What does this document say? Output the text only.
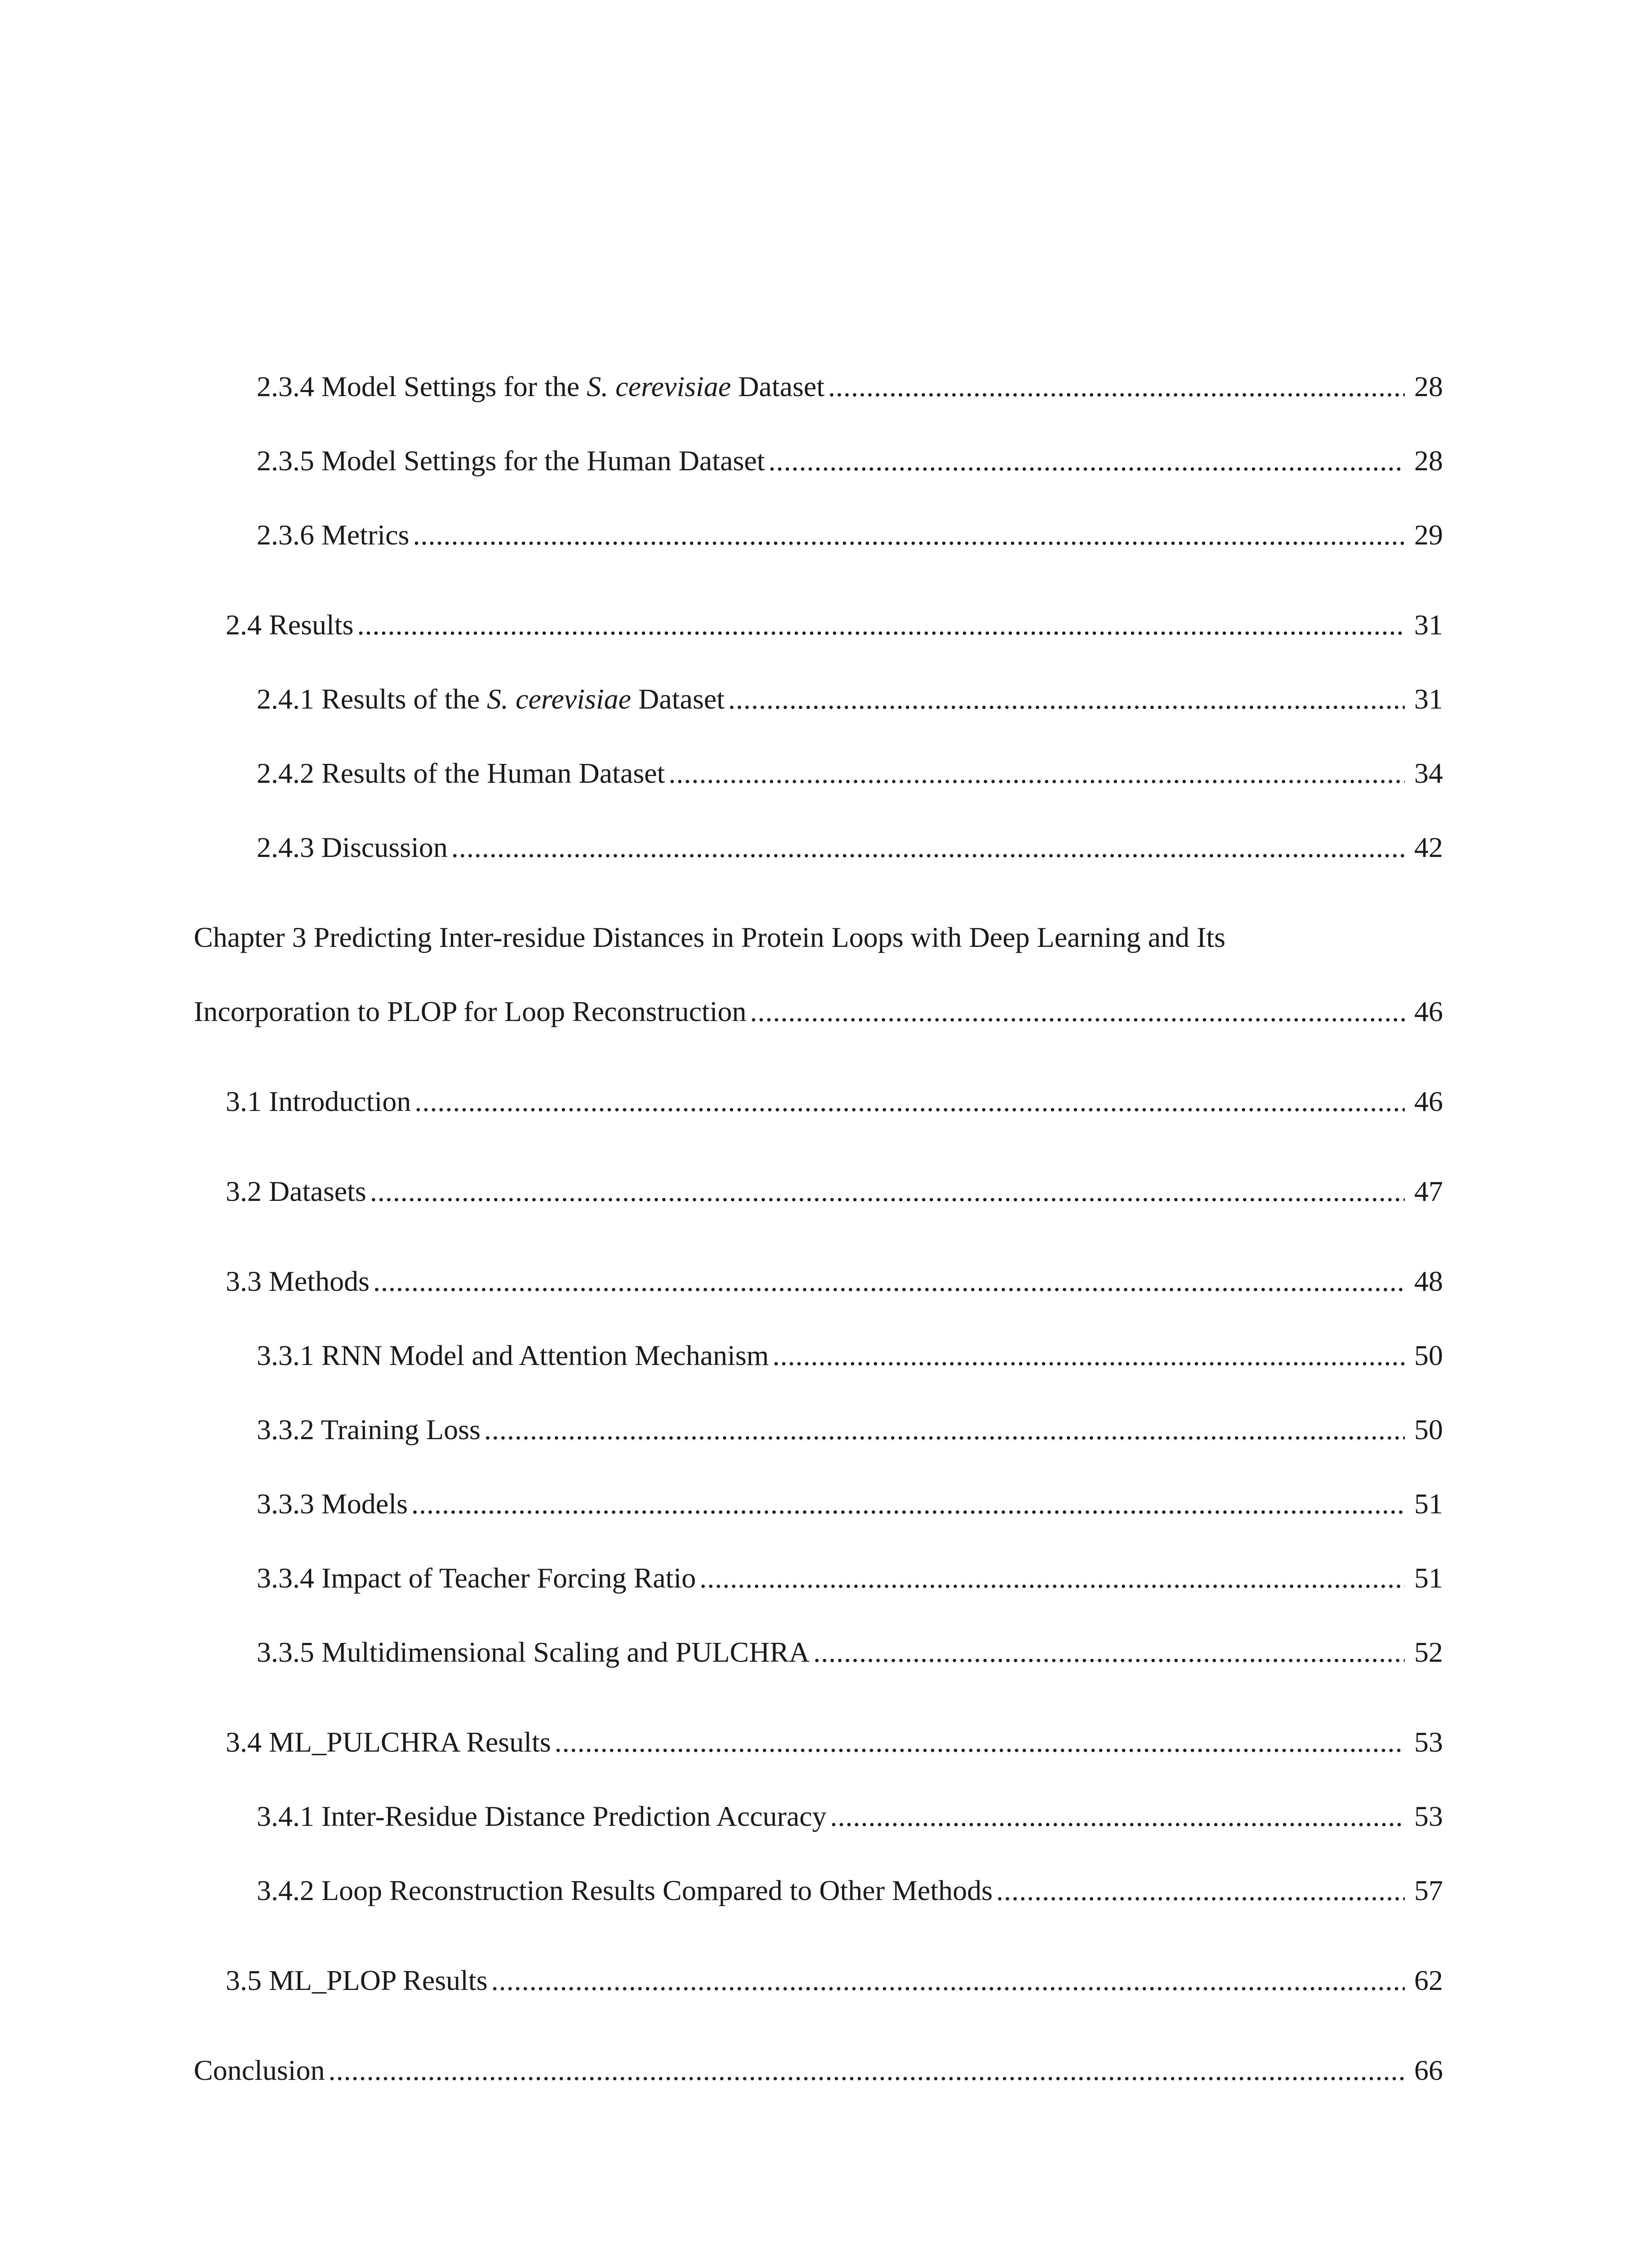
2.3.4 Model Settings for the S. cerevisiae Dataset .....	28
2.3.5 Model Settings for the Human Dataset .....	28
2.3.6 Metrics .....	29
2.4 Results .....	31
2.4.1 Results of the S. cerevisiae Dataset .....	31
2.4.2 Results of the Human Dataset .....	34
2.4.3 Discussion .....	42
Chapter 3 Predicting Inter-residue Distances in Protein Loops with Deep Learning and Its
Incorporation to PLOP for Loop Reconstruction .....	46
3.1 Introduction .....	46
3.2 Datasets .....	47
3.3 Methods .....	48
3.3.1 RNN Model and Attention Mechanism .....	50
3.3.2 Training Loss .....	50
3.3.3 Models .....	51
3.3.4 Impact of Teacher Forcing Ratio .....	51
3.3.5 Multidimensional Scaling and PULCHRA .....	52
3.4 ML_PULCHRA Results .....	53
3.4.1 Inter-Residue Distance Prediction Accuracy .....	53
3.4.2 Loop Reconstruction Results Compared to Other Methods .....	57
3.5 ML_PLOP Results .....	62
Conclusion .....	66
